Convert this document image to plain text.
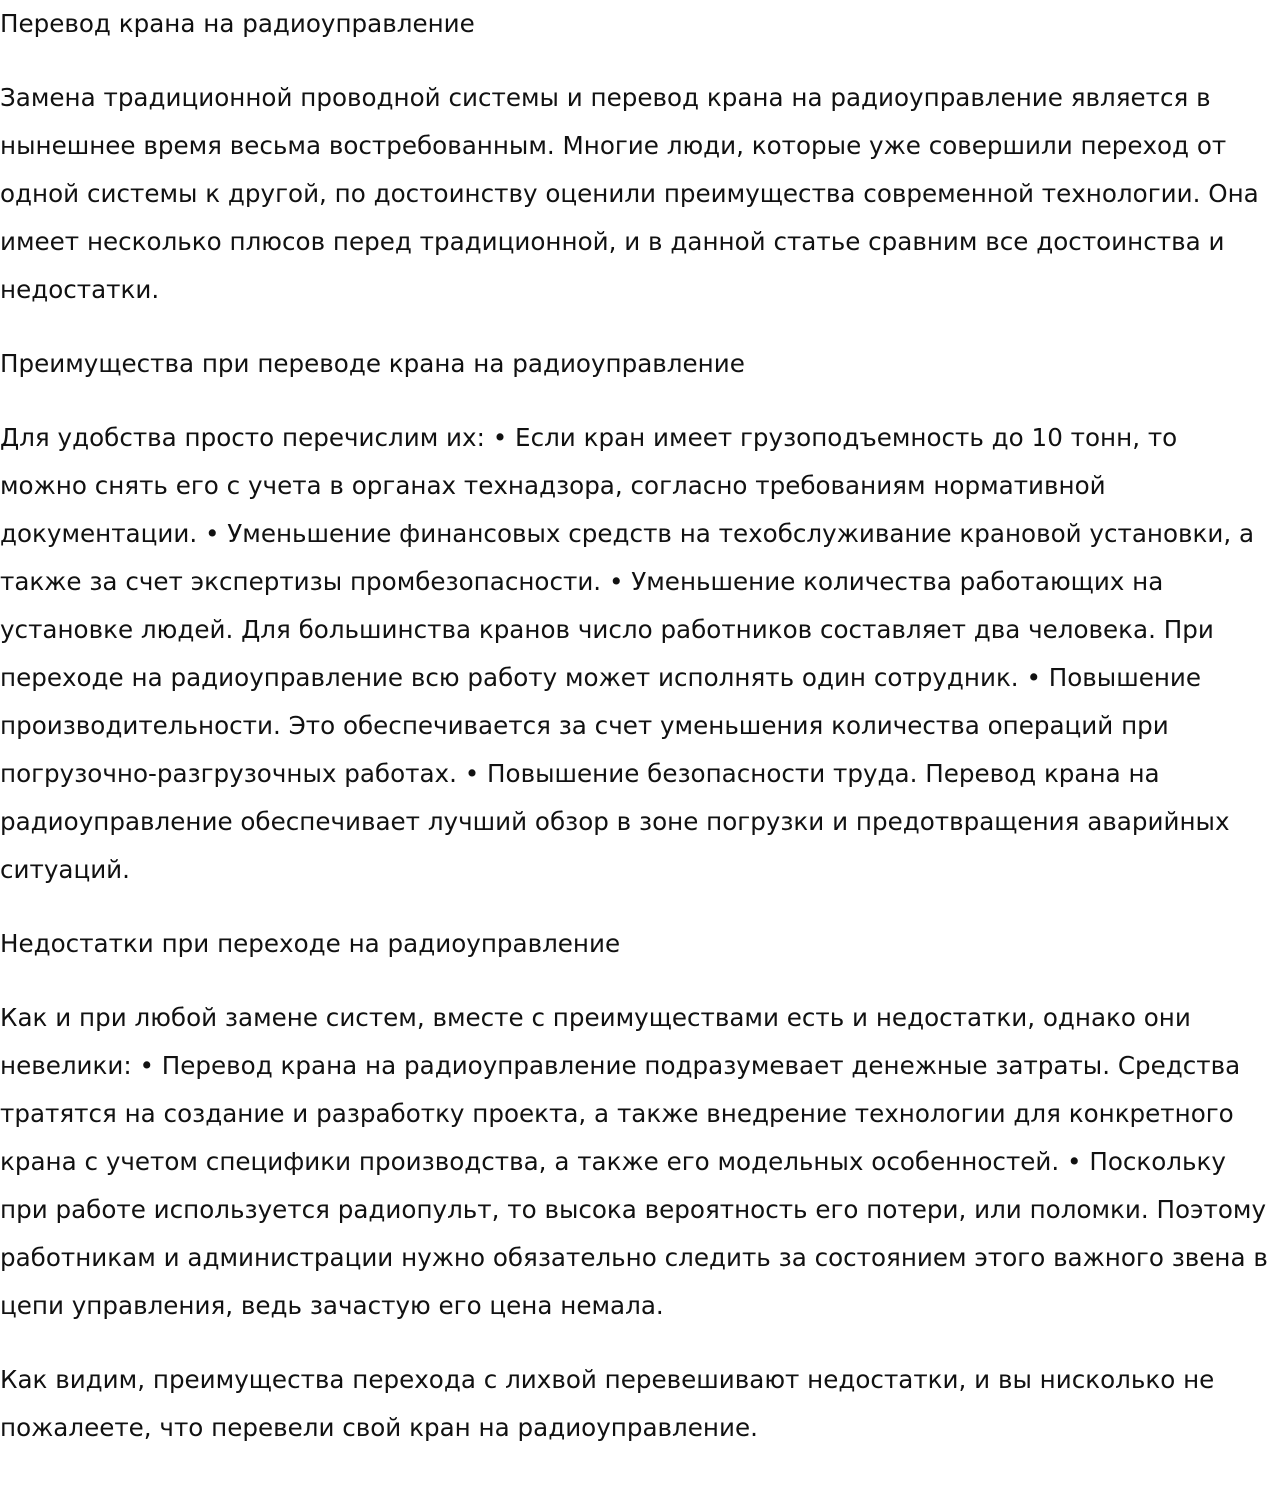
Перевод крана на радиоуправление

Замена традиционной проводной системы и перевод крана на радиоуправление является в нынешнее время весьма востребованным. Многие люди, которые уже совершили переход от одной системы к другой, по достоинству оценили преимущества современной технологии. Она имеет несколько плюсов перед традиционной, и в данной статье сравним все достоинства и недостатки.

Преимущества при переводе крана на радиоуправление

Для удобства просто перечислим их: • Если кран имеет грузоподъемность до 10 тонн, то можно снять его с учета в органах технадзора, согласно требованиям нормативной документации. • Уменьшение финансовых средств на техобслуживание крановой установки, а также за счет экспертизы промбезопасности. • Уменьшение количества работающих на установке людей. Для большинства кранов число работников составляет два человека. При переходе на радиоуправление всю работу может исполнять один сотрудник. • Повышение производительности. Это обеспечивается за счет уменьшения количества операций при погрузочно-разгрузочных работах. • Повышение безопасности труда. Перевод крана на радиоуправление обеспечивает лучший обзор в зоне погрузки и предотвращения аварийных ситуаций.

Недостатки при переходе на радиоуправление

Как и при любой замене систем, вместе с преимуществами есть и недостатки, однако они невелики: • Перевод крана на радиоуправление подразумевает денежные затраты. Средства тратятся на создание и разработку проекта, а также внедрение технологии для конкретного крана с учетом специфики производства, а также его модельных особенностей. • Поскольку при работе используется радиопульт, то высока вероятность его потери, или поломки. Поэтому работникам и администрации нужно обязательно следить за состоянием этого важного звена в цепи управления, ведь зачастую его цена немала.

Как видим, преимущества перехода с лихвой перевешивают недостатки, и вы нисколько не пожалеете, что перевели свой кран на радиоуправление.
